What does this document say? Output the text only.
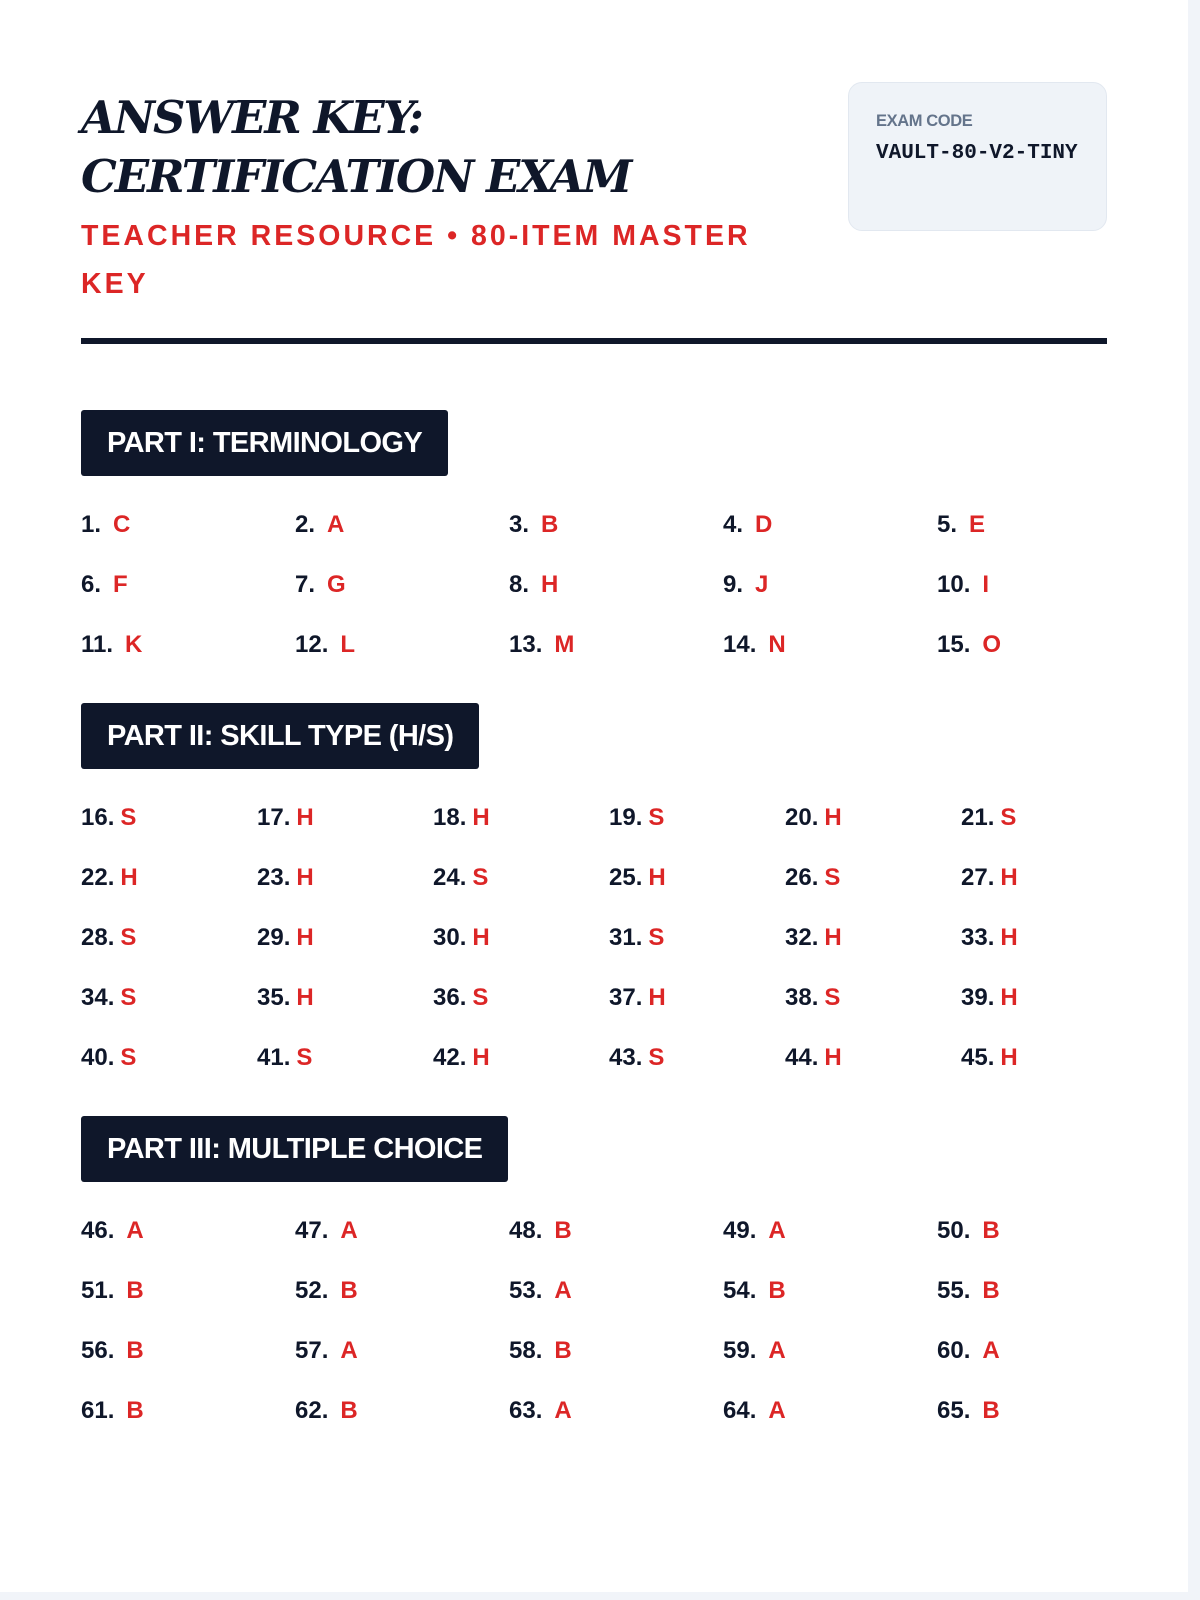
ANSWER KEY: CERTIFICATION EXAM
TEACHER RESOURCE • 80-ITEM MASTER KEY
EXAM CODE
VAULT-80-V2-TINY
PART I: TERMINOLOGY
1. C	2. A	3. B	4. D	5. E
6. F	7. G	8. H	9. J	10. I
11. K	12. L	13. M	14. N	15. O
PART II: SKILL TYPE (H/S)
16. S	17. H	18. H	19. S	20. H	21. S
22. H	23. H	24. S	25. H	26. S	27. H
28. S	29. H	30. H	31. S	32. H	33. H
34. S	35. H	36. S	37. H	38. S	39. H
40. S	41. S	42. H	43. S	44. H	45. H
PART III: MULTIPLE CHOICE
46. A	47. A	48. B	49. A	50. B
51. B	52. B	53. A	54. B	55. B
56. B	57. A	58. B	59. A	60. A
61. B	62. B	63. A	64. A	65. B
